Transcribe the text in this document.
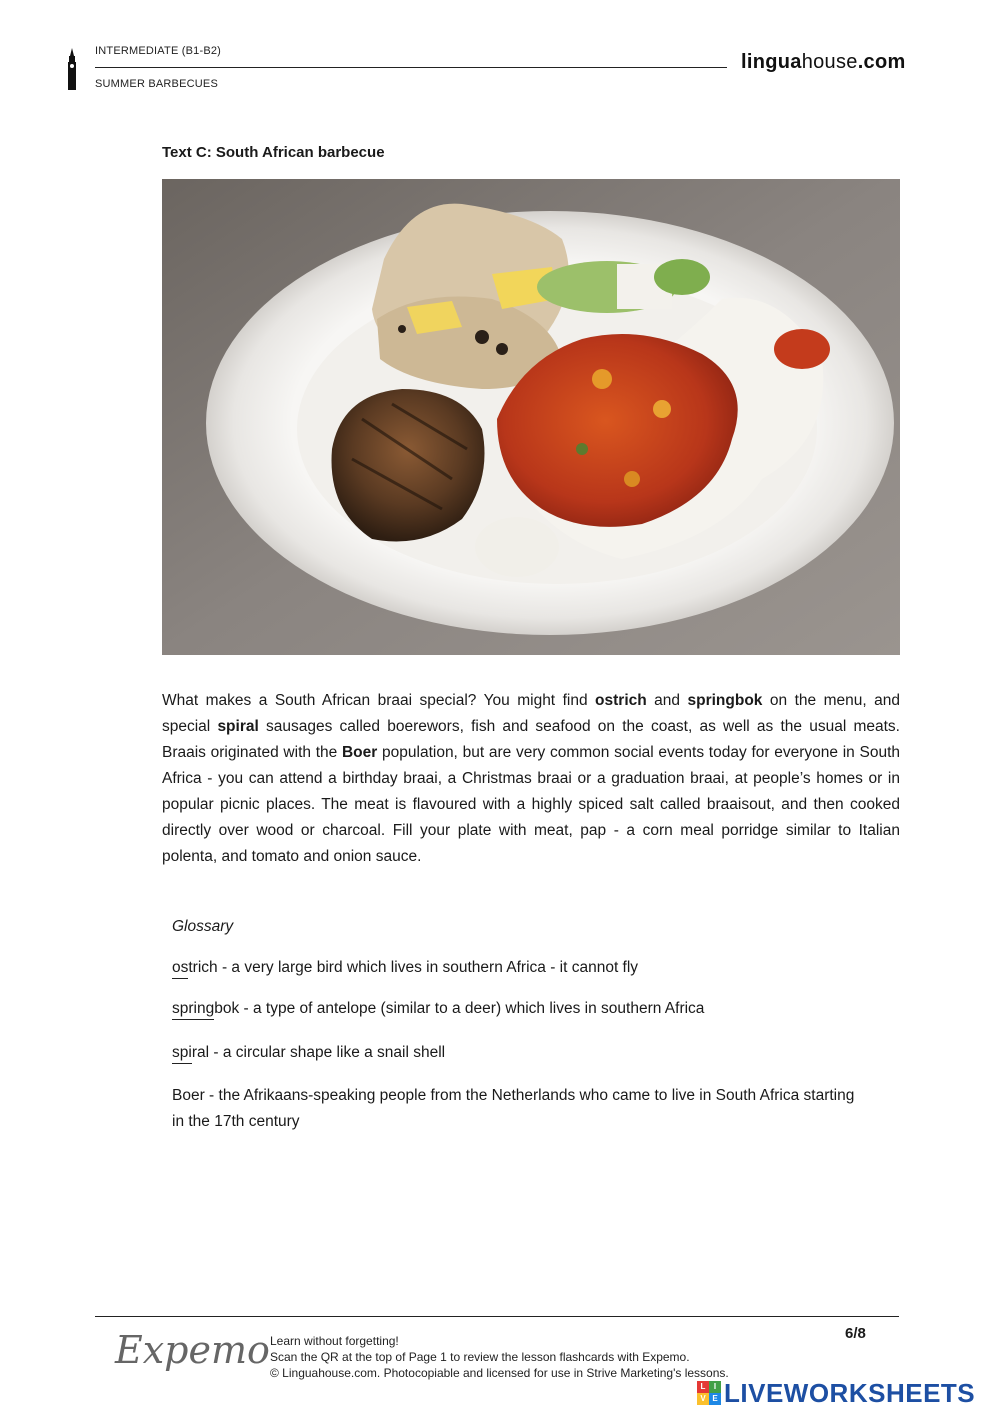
INTERMEDIATE (B1-B2)
SUMMER BARBECUES
linguahouse.com
Text C: South African barbecue
What makes a South African braai special? You might find ostrich and springbok on the menu, and special spiral sausages called boerewors, fish and seafood on the coast, as well as the usual meats. Braais originated with the Boer population, but are very common social events today for everyone in South Africa - you can attend a birthday braai, a Christmas braai or a graduation braai, at people’s homes or in popular picnic places. The meat is flavoured with a highly spiced salt called braaisout, and then cooked directly over wood or charcoal. Fill your plate with meat, pap - a corn meal porridge similar to Italian polenta, and tomato and onion sauce.
Glossary
ostrich - a very large bird which lives in southern Africa - it cannot fly
springbok - a type of antelope (similar to a deer) which lives in southern Africa
spiral - a circular shape like a snail shell
Boer - the Afrikaans-speaking people from the Netherlands who came to live in South Africa starting in the 17th century
Expemo Learn without forgetting!
Scan the QR at the top of Page 1 to review the lesson flashcards with Expemo.
© Linguahouse.com. Photocopiable and licensed for use in Strive Marketing's lessons.
6/8
L	I
V E LIVEWORKSHEETS
